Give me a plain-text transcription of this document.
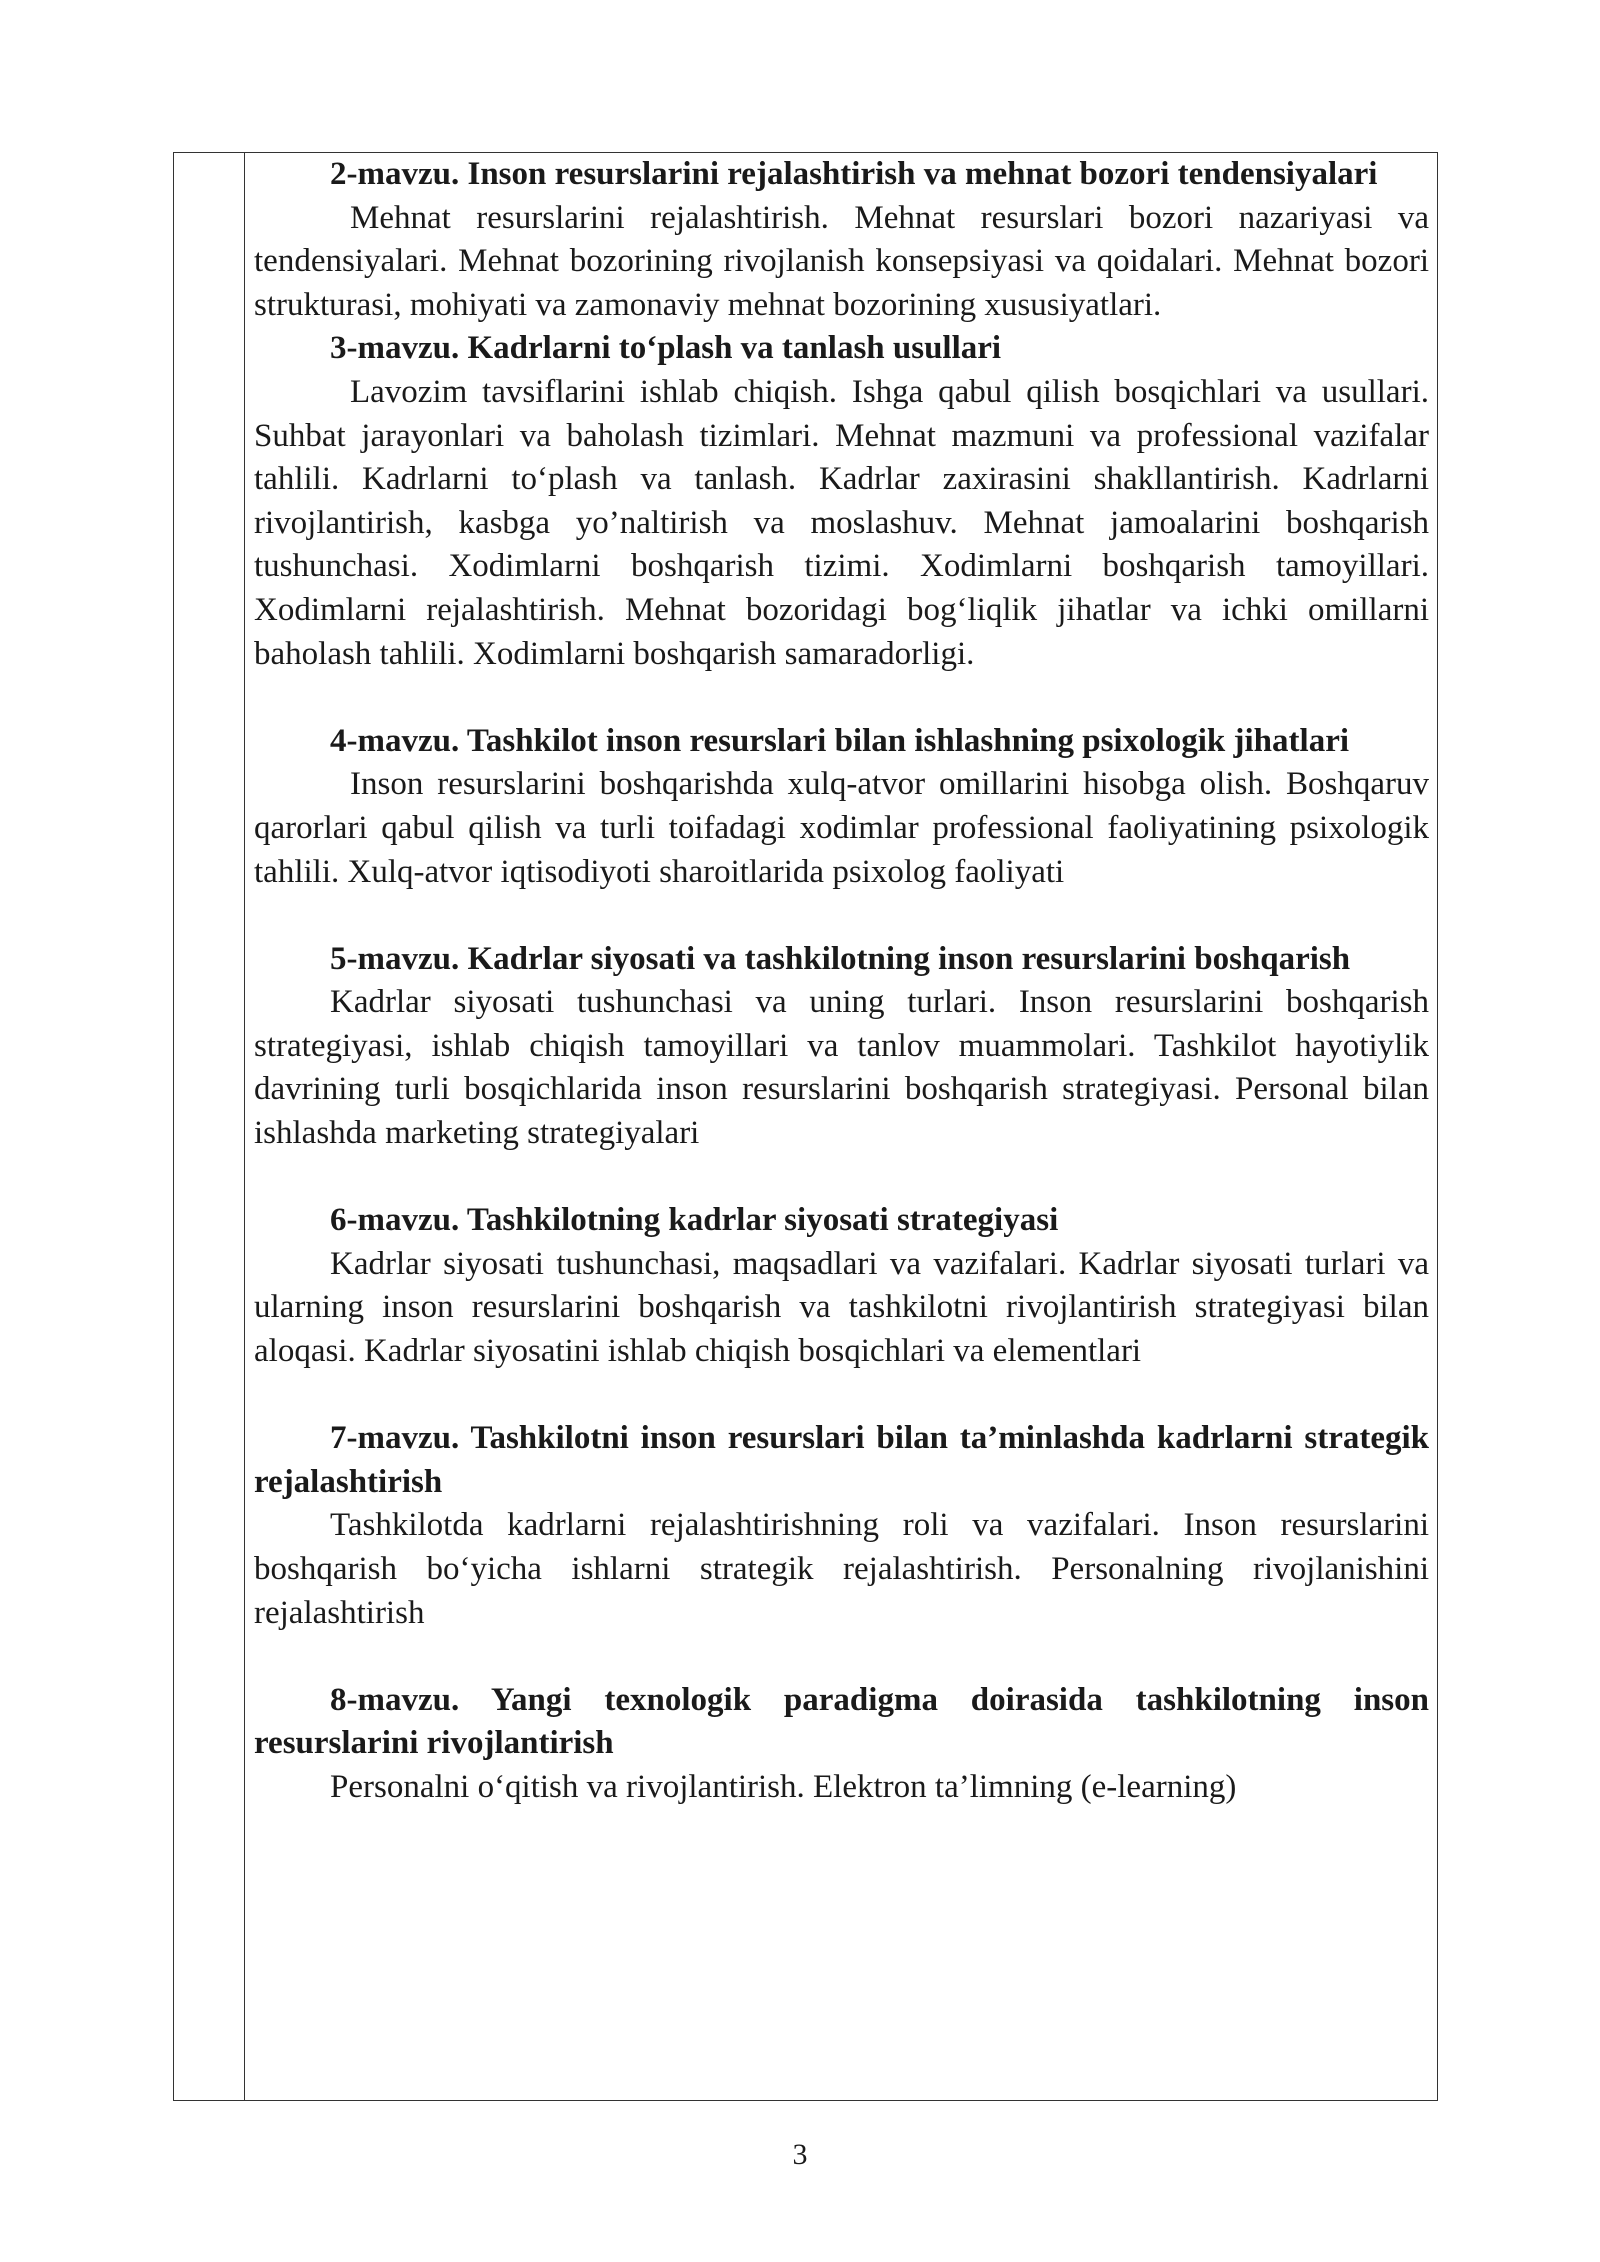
2-mavzu. Inson resurslarini rejalashtirish va mehnat bozori tendensiyalari

Mehnat resurslarini rejalashtirish. Mehnat resurslari bozori nazariyasi va tendensiyalari. Mehnat bozorining rivojlanish konsepsiyasi va qoidalari. Mehnat bozori strukturasi, mohiyati va zamonaviy mehnat bozorining xususiyatlari.

3-mavzu. Kadrlarni to‘plash va tanlash usullari

Lavozim tavsiflarini ishlab chiqish. Ishga qabul qilish bosqichlari va usullari. Suhbat jarayonlari va baholash tizimlari. Mehnat mazmuni va professional vazifalar tahlili. Kadrlarni to‘plash va tanlash. Kadrlar zaxirasini shakllantirish. Kadrlarni rivojlantirish, kasbga yo’naltirish va moslashuv. Mehnat jamoalarini boshqarish tushunchasi. Xodimlarni boshqarish tizimi. Xodimlarni boshqarish tamoyillari. Xodimlarni rejalashtirish. Mehnat bozoridagi bog‘liqlik jihatlar va ichki omillarni baholash tahlili. Xodimlarni boshqarish samaradorligi.

4-mavzu. Tashkilot inson resurslari bilan ishlashning psixologik jihatlari

Inson resurslarini boshqarishda xulq-atvor omillarini hisobga olish. Boshqaruv qarorlari qabul qilish va turli toifadagi xodimlar professional faoliyatining psixologik tahlili. Xulq-atvor iqtisodiyoti sharoitlarida psixolog faoliyati

5-mavzu. Kadrlar siyosati va tashkilotning inson resurslarini boshqarish

Kadrlar siyosati tushunchasi va uning turlari. Inson resurslarini boshqarish strategiyasi, ishlab chiqish tamoyillari va tanlov muammolari. Tashkilot hayotiylik davrining turli bosqichlarida inson resurslarini boshqarish strategiyasi. Personal bilan ishlashda marketing strategiyalari

6-mavzu. Tashkilotning kadrlar siyosati strategiyasi

Kadrlar siyosati tushunchasi, maqsadlari va vazifalari. Kadrlar siyosati turlari va ularning inson resurslarini boshqarish va tashkilotni rivojlantirish strategiyasi bilan aloqasi. Kadrlar siyosatini ishlab chiqish bosqichlari va elementlari

7-mavzu. Tashkilotni inson resurslari bilan ta’minlashda kadrlarni strategik rejalashtirish

Tashkilotda kadrlarni rejalashtirishning roli va vazifalari. Inson resurslarini boshqarish bo‘yicha ishlarni strategik rejalashtirish. Personalning rivojlanishini rejalashtirish

8-mavzu. Yangi texnologik paradigma doirasida tashkilotning inson resurslarini rivojlantirish

Personalni o‘qitish va rivojlantirish. Elektron ta’limning (e-learning)

3
